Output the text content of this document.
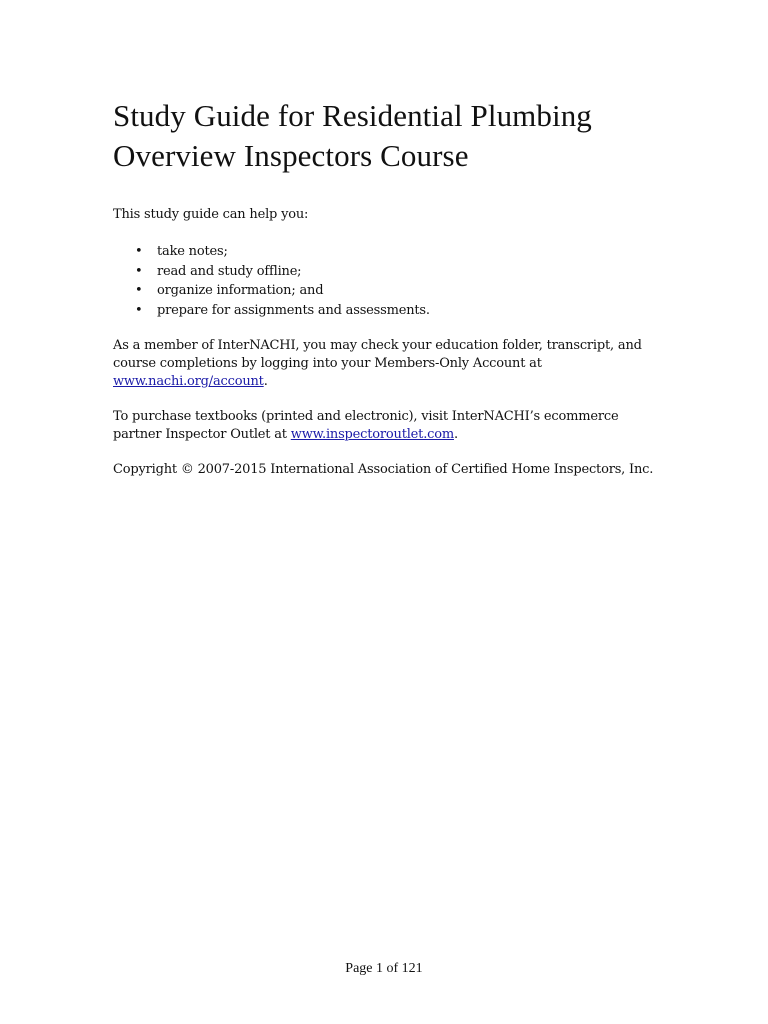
Study Guide for Residential Plumbing
Overview Inspectors Course

This study guide can help you:

• take notes;
• read and study offline;
• organize information; and
• prepare for assignments and assessments.

As a member of InterNACHI, you may check your education folder, transcript, and
course completions by logging into your Members-Only Account at
www.nachi.org/account.

To purchase textbooks (printed and electronic), visit InterNACHI’s ecommerce
partner Inspector Outlet at www.inspectoroutlet.com.

Copyright © 2007-2015 International Association of Certified Home Inspectors, Inc.

Page 1 of 121
